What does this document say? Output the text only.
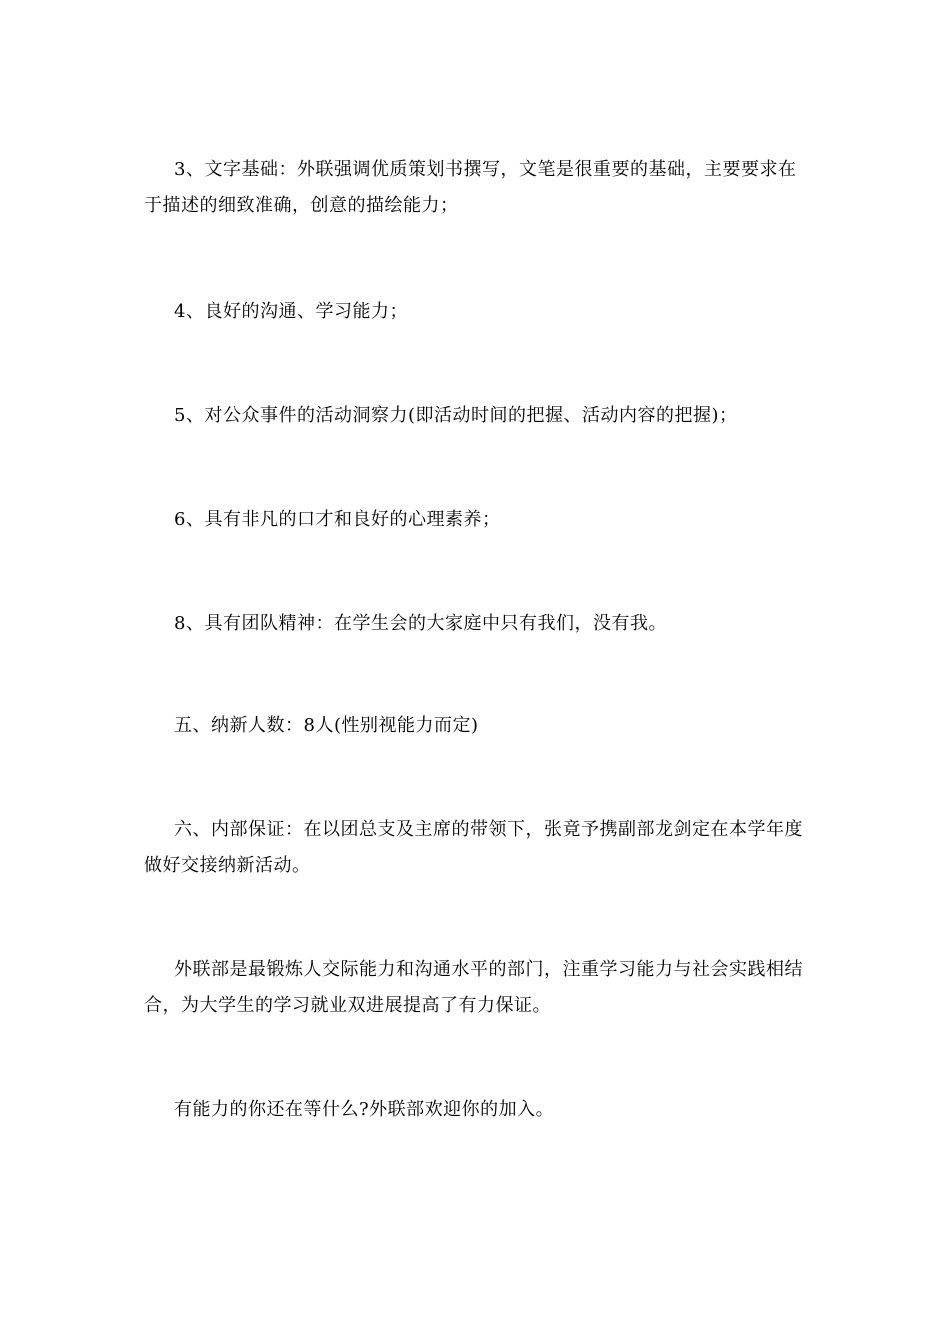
3、文字基础：外联强调优质策划书撰写，文笔是很重要的基础，主要要求在于描述的细致准确，创意的描绘能力；

4、良好的沟通、学习能力；

5、对公众事件的活动洞察力(即活动时间的把握、活动内容的把握)；

6、具有非凡的口才和良好的心理素养；

8、具有团队精神：在学生会的大家庭中只有我们，没有我。

五、纳新人数：8人(性别视能力而定)

六、内部保证：在以团总支及主席的带领下，张竟予携副部龙剑定在本学年度 做好交接纳新活动。

外联部是最锻炼人交际能力和沟通水平的部门，注重学习能力与社会实践相结合，为大学生的学习就业双进展提高了有力保证。

有能力的你还在等什么?外联部欢迎你的加入。
